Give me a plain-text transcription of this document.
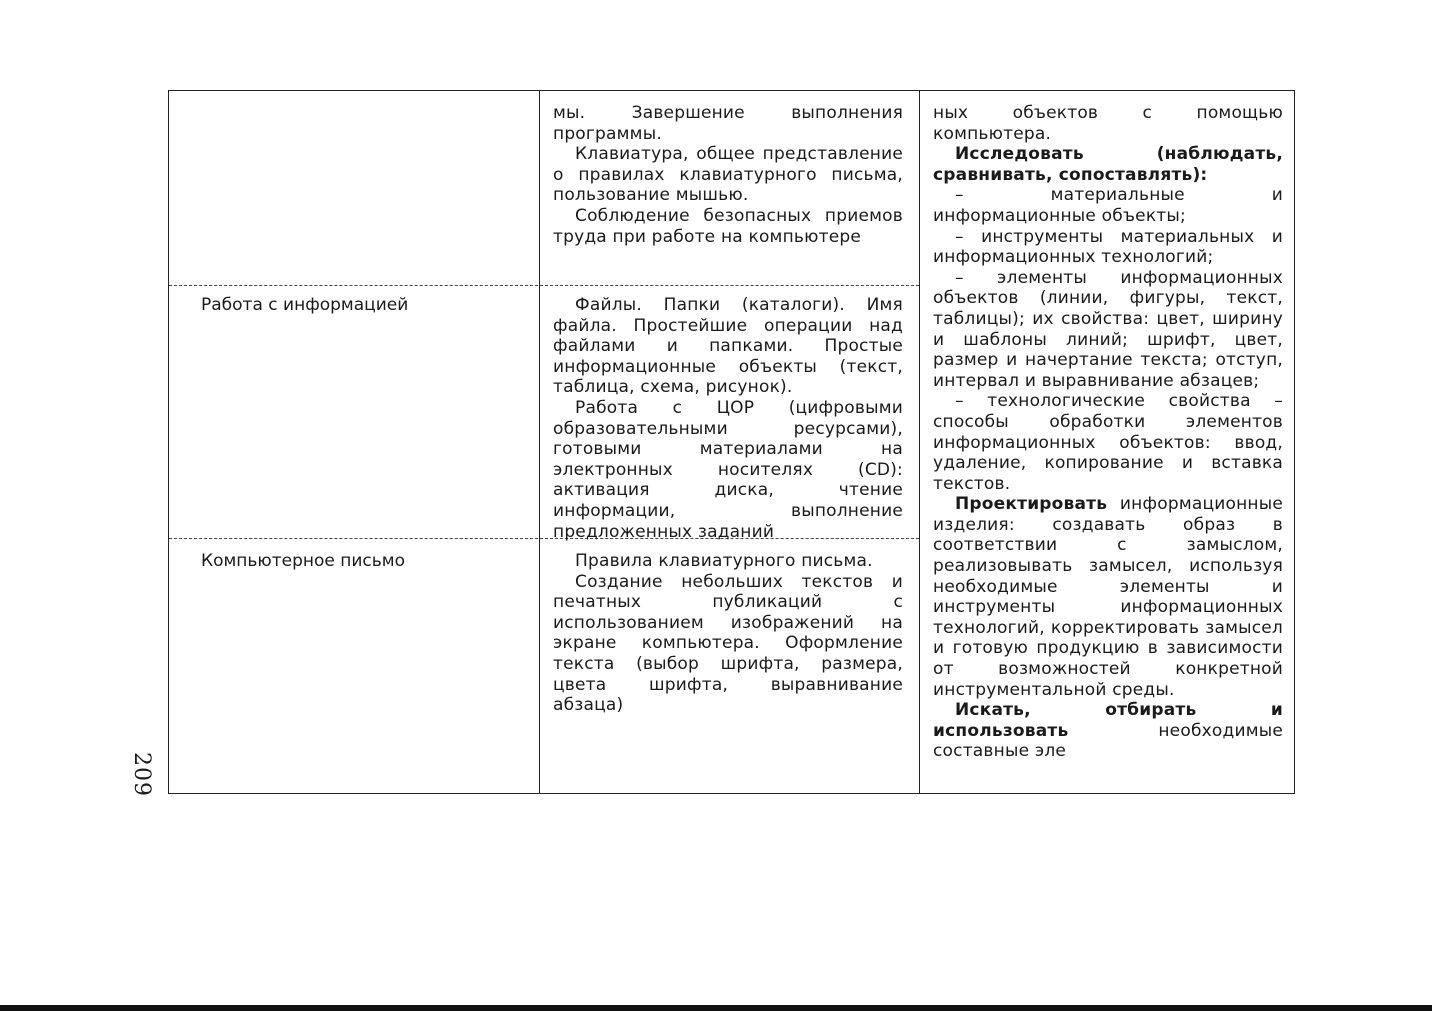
мы. Завершение выполнения программы.

Клавиатура, общее представление о правилах клавиатурного письма, пользование мышью.

Соблюдение безопасных приемов труда при работе на компьютере

Работа с информацией	Файлы. Папки (каталоги). Имя файла. Простейшие операции над файлами и папками. Простые информационные объекты (текст, таблица, схема, рисунок).

Работа с ЦОР (цифровыми образовательными ресурсами), готовыми материалами на электронных носителях (CD): активация диска, чтение информации, выполнение предложенных заданий

Компьютерное письмо	Правила клавиатурного письма.

Создание небольших текстов и печатных публикаций с использованием изображений на экране компьютера. Оформление текста (выбор шрифта, размера, цвета шрифта, выравнивание абзаца)

ных объектов с помощью компьютера.

Исследовать (наблюдать, сравнивать, сопоставлять):

– материальные и информационные объекты;

– инструменты материальных и информационных технологий;

– элементы информационных объектов (линии, фигуры, текст, таблицы); их свойства: цвет, ширину и шаблоны линий; шрифт, цвет, размер и начертание текста; отступ, интервал и выравнивание абзацев;

– технологические свойства – способы обработки элементов информационных объектов: ввод, удаление, копирование и вставка текстов.

Проектировать информационные изделия: создавать образ в соответствии с замыслом, реализовывать замысел, используя необходимые элементы и инструменты информационных технологий, корректировать замысел и готовую продукцию в зависимости от возможностей конкретной инструментальной среды.

Искать, отбирать и использовать необходимые составные эле

209
